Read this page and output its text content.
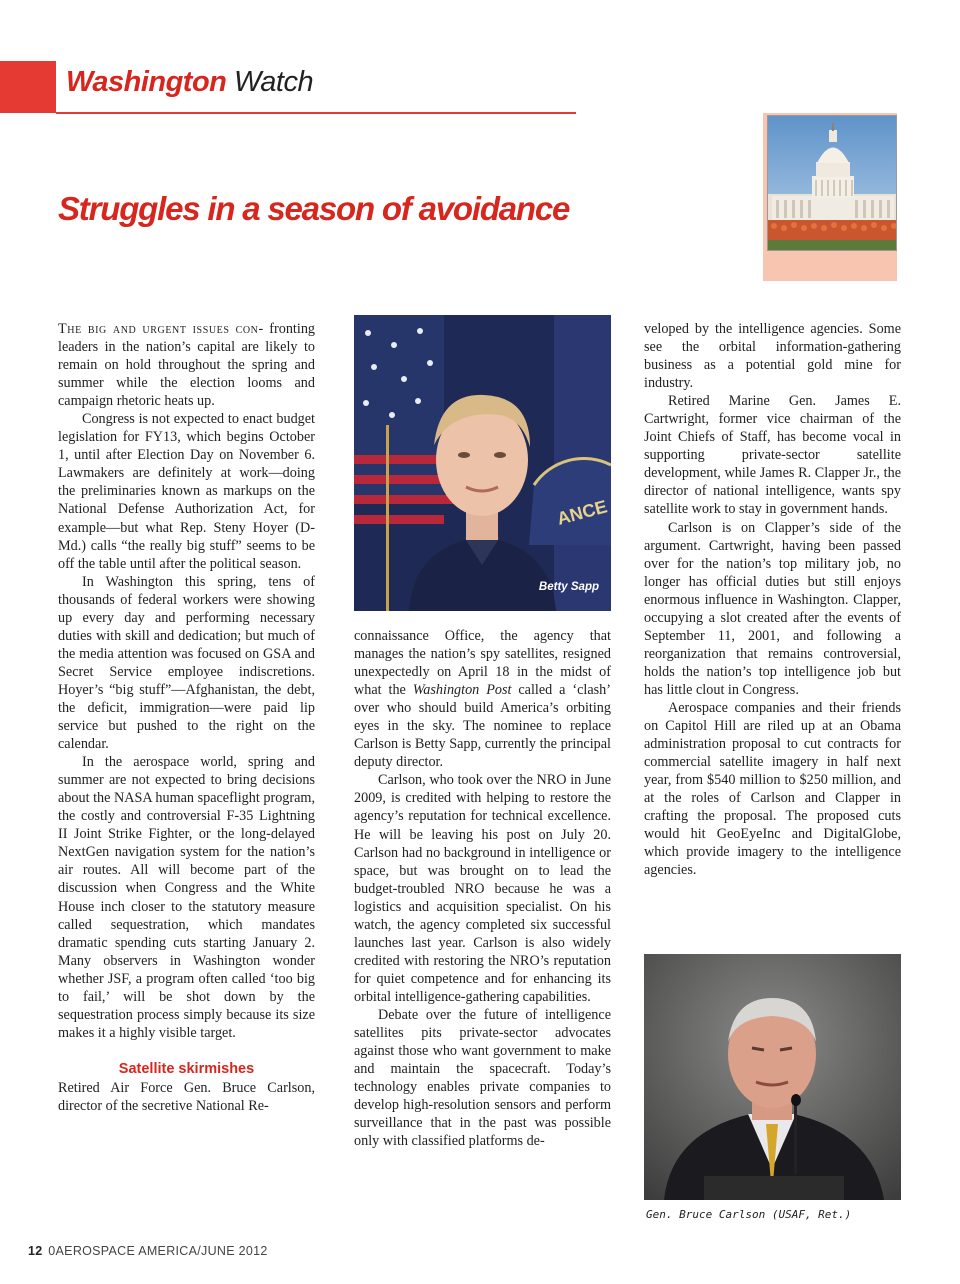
Washington Watch
Struggles in a season of avoidance

The big and urgent issues con- fronting leaders in the nation’s capital are likely to remain on hold throughout the spring and summer while the election looms and campaign rhetoric heats up.

Congress is not expected to enact budget legislation for FY13, which begins October 1, until after Election Day on November 6. Lawmakers are definitely at work—doing the preliminaries known as markups on the National Defense Authorization Act, for example—but what Rep. Steny Hoyer (D-Md.) calls “the really big stuff” seems to be off the table until after the political season.

In Washington this spring, tens of thousands of federal workers were showing up every day and performing necessary duties with skill and dedication; but much of the media attention was focused on GSA and Secret Service employee indiscretions. Hoyer’s “big stuff”—Afghanistan, the debt, the deficit, immigration—were paid lip service but pushed to the right on the calendar.

In the aerospace world, spring and summer are not expected to bring decisions about the NASA human spaceflight program, the costly and controversial F-35 Lightning II Joint Strike Fighter, or the long-delayed NextGen navigation system for the nation’s air routes. All will become part of the discussion when Congress and the White House inch closer to the statutory measure called sequestration, which mandates dramatic spending cuts starting January 2. Many observers in Washington wonder whether JSF, a program often called ‘too big to fail,’ will be shot down by the sequestration process simply because its size makes it a highly visible target.

Satellite skirmishes

Retired Air Force Gen. Bruce Carlson, director of the secretive National Re-

ANCE
Betty Sapp

connaissance Office, the agency that manages the nation’s spy satellites, resigned unexpectedly on April 18 in the midst of what the Washington Post called a ‘clash’ over who should build America’s orbiting eyes in the sky. The nominee to replace Carlson is Betty Sapp, currently the principal deputy director.

Carlson, who took over the NRO in June 2009, is credited with helping to restore the agency’s reputation for technical excellence. He will be leaving his post on July 20. Carlson had no background in intelligence or space, but was brought on to lead the budget-troubled NRO because he was a logistics and acquisition specialist. On his watch, the agency completed six successful launches last year. Carlson is also widely credited with restoring the NRO’s reputation for quiet competence and for enhancing its orbital intelligence-gathering capabilities.

Debate over the future of intelligence satellites pits private-sector advocates against those who want government to make and maintain the spacecraft. Today’s technology enables private companies to develop high-resolution sensors and perform surveillance that in the past was possible only with classified platforms de-

veloped by the intelligence agencies. Some see the orbital information-gathering business as a potential gold mine for industry.

Retired Marine Gen. James E. Cartwright, former vice chairman of the Joint Chiefs of Staff, has become vocal in supporting private-sector satellite development, while James R. Clapper Jr., the director of national intelligence, wants spy satellite work to stay in government hands.

Carlson is on Clapper’s side of the argument. Cartwright, having been passed over for the nation’s top military job, no longer has official duties but still enjoys enormous influence in Washington. Clapper, occupying a slot created after the events of September 11, 2001, and following a reorganization that remains controversial, holds the nation’s top intelligence job but has little clout in Congress.

Aerospace companies and their friends on Capitol Hill are riled up at an Obama administration proposal to cut contracts for commercial satellite imagery in half next year, from $540 million to $250 million, and at the roles of Carlson and Clapper in crafting the proposal. The proposed cuts would hit GeoEyeInc and DigitalGlobe, which provide imagery to the intelligence agencies.

Gen. Bruce Carlson (USAF, Ret.)
12 0AEROSPACE AMERICA/JUNE 2012
